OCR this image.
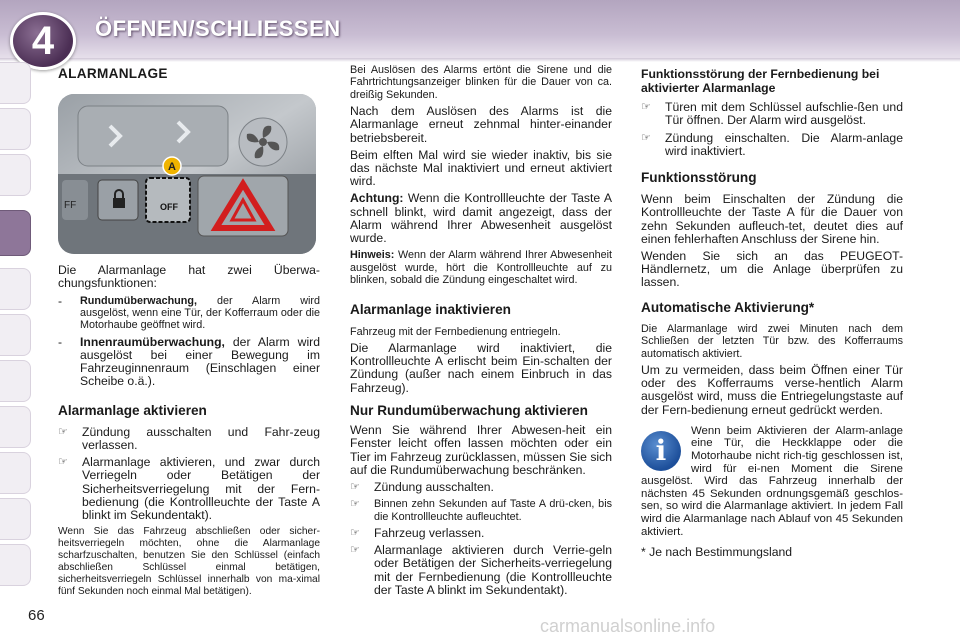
4	ÖFFNEN/SCHLIESSEN
66
ALARMANLAGE
FF	OFF
A

Die Alarmanlage hat zwei Überwa-chungsfunktionen:

-	Rundumüberwachung, der Alarm wird ausgelöst, wenn eine Tür, der Kofferraum oder die Motorhaube geöffnet wird.
-	Innenraumüberwachung, der Alarm wird ausgelöst bei einer Bewegung im Fahrzeuginnenraum (Einschlagen einer Scheibe o.ä.).
Alarmanlage aktivieren
☞	Zündung ausschalten und Fahr-zeug verlassen.
☞	Alarmanlage aktivieren, und zwar durch Verriegeln oder Betätigen der Sicherheitsverriegelung mit der Fern-bedienung (die Kontrollleuchte der Taste A blinkt im Sekundentakt).

Wenn Sie das Fahrzeug abschließen oder sicher-heitsverriegeln möchten, ohne die Alarmanlage scharfzuschalten, benutzen Sie den Schlüssel (einfach abschließen Schlüssel einmal betätigen, sicherheitsverriegeln Schlüssel innerhalb von ma-ximal fünf Sekunden noch einmal Mal betätigen).

Bei Auslösen des Alarms ertönt die Sirene und die Fahrtrichtungsanzeiger blinken für die Dauer von ca. dreißig Sekunden.

Nach dem Auslösen des Alarms ist die Alarmanlage erneut zehnmal hinter-einander betriebsbereit.

Beim elften Mal wird sie wieder inaktiv, bis sie das nächste Mal inaktiviert und erneut aktiviert wird.

Achtung: Wenn die Kontrollleuchte der Taste A schnell blinkt, wird damit angezeigt, dass der Alarm während Ihrer Abwesenheit ausgelöst wurde.

Hinweis: Wenn der Alarm während Ihrer Abwesenheit ausgelöst wurde, hört die Kontrollleuchte auf zu blinken, sobald die Zündung eingeschaltet wird.

Alarmanlage inaktivieren

Fahrzeug mit der Fernbedienung entriegeln.

Die Alarmanlage wird inaktiviert, die Kontrollleuchte A erlischt beim Ein-schalten der Zündung (außer nach einem Einbruch in das Fahrzeug).

Nur Rundumüberwachung aktivieren

Wenn Sie während Ihrer Abwesen-heit ein Fenster leicht offen lassen möchten oder ein Tier im Fahrzeug zurücklassen, müssen Sie sich auf die Rundumüberwachung beschränken.

☞	Zündung ausschalten.
☞	Binnen zehn Sekunden auf Taste A drü-cken, bis die Kontrollleuchte aufleuchtet.
☞	Fahrzeug verlassen.
☞	Alarmanlage aktivieren durch Verrie-geln oder Betätigen der Sicherheits-verriegelung mit der Fernbedienung (die Kontrollleuchte der Taste A blinkt im Sekundentakt).
Funktionsstörung der Fernbedienung bei aktivierter Alarmanlage
☞	Türen mit dem Schlüssel aufschlie-ßen und Tür öffnen. Der Alarm wird ausgelöst.
☞	Zündung einschalten. Die Alarm-anlage wird inaktiviert.
Funktionsstörung

Wenn beim Einschalten der Zündung die Kontrollleuchte der Taste A für die Dauer von zehn Sekunden aufleuch-tet, deutet dies auf einen fehlerhaften Anschluss der Sirene hin.

Wenden Sie sich an das PEUGEOT-Händlernetz, um die Anlage überprüfen zu lassen.

Automatische Aktivierung*

Die Alarmanlage wird zwei Minuten nach dem Schließen der letzten Tür bzw. des Kofferraums automatisch aktiviert.

Um zu vermeiden, dass beim Öffnen einer Tür oder des Kofferraums verse-hentlich Alarm ausgelöst wird, muss die Entriegelungstaste auf der Fern-bedienung erneut gedrückt werden.

i

Wenn beim Aktivieren der Alarm-anlage eine Tür, die Heckklappe oder die Motorhaube nicht rich-tig geschlossen ist, wird für ei-nen Moment die Sirene ausgelöst. Wird das Fahrzeug innerhalb der nächsten 45 Sekunden ordnungsgemäß geschlos-sen, so wird die Alarmanlage aktiviert. In jedem Fall wird die Alarmanlage nach Ablauf von 45 Sekunden aktiviert.

* Je nach Bestimmungsland

carmanualsonline.info
